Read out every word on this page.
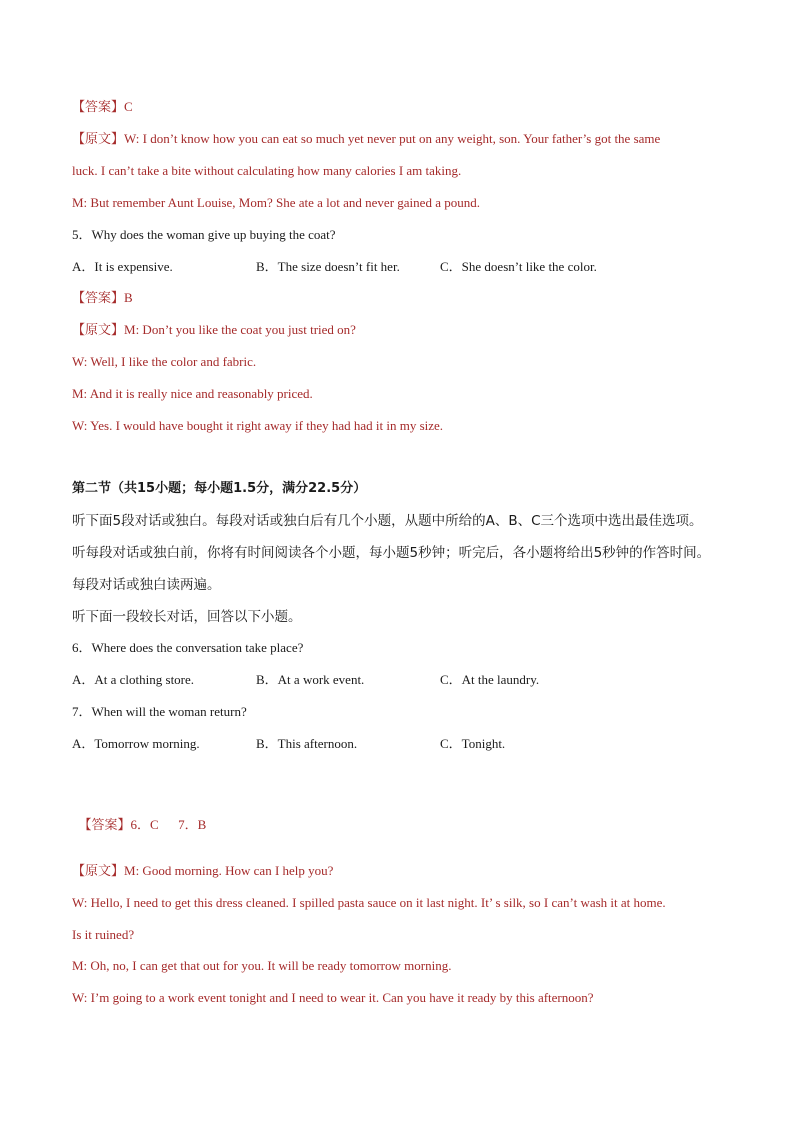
【答案】C
【原文】W: I don’t know how you can eat so much yet never put on any weight, son. Your father’s got the same
luck. I can’t take a bite without calculating how many calories I am taking.
M: But remember Aunt Louise, Mom? She ate a lot and never gained a pound.
5．Why does the woman give up buying the coat?
A．It is expensive.	B．The size doesn’t fit her.	C．She doesn’t like the color.
【答案】B
【原文】M: Don’t you like the coat you just tried on?
W: Well, I like the color and fabric.
M: And it is really nice and reasonably priced.
W: Yes. I would have bought it right away if they had had it in my size.
第二节（共15小题；每小题1.5分，满分22.5分）
听下面5段对话或独白。每段对话或独白后有几个小题，从题中所给的A、B、C三个选项中选出最佳选项。
听每段对话或独白前，你将有时间阅读各个小题，每小题5秒钟；听完后，各小题将给出5秒钟的作答时间。
每段对话或独白读两遍。
听下面一段较长对话，回答以下小题。
6．Where does the conversation take place?
A．At a clothing store.	B．At a work event.	C．At the laundry.
7．When will the woman return?
A．Tomorrow morning.	B．This afternoon.	C．Tonight.

【答案】6．C      7．B

【原文】M: Good morning. How can I help you?
W: Hello, I need to get this dress cleaned. I spilled pasta sauce on it last night. It’ s silk, so I can’t wash it at home.
Is it ruined?
M: Oh, no, I can get that out for you. It will be ready tomorrow morning.
W: I’m going to a work event tonight and I need to wear it. Can you have it ready by this afternoon?
